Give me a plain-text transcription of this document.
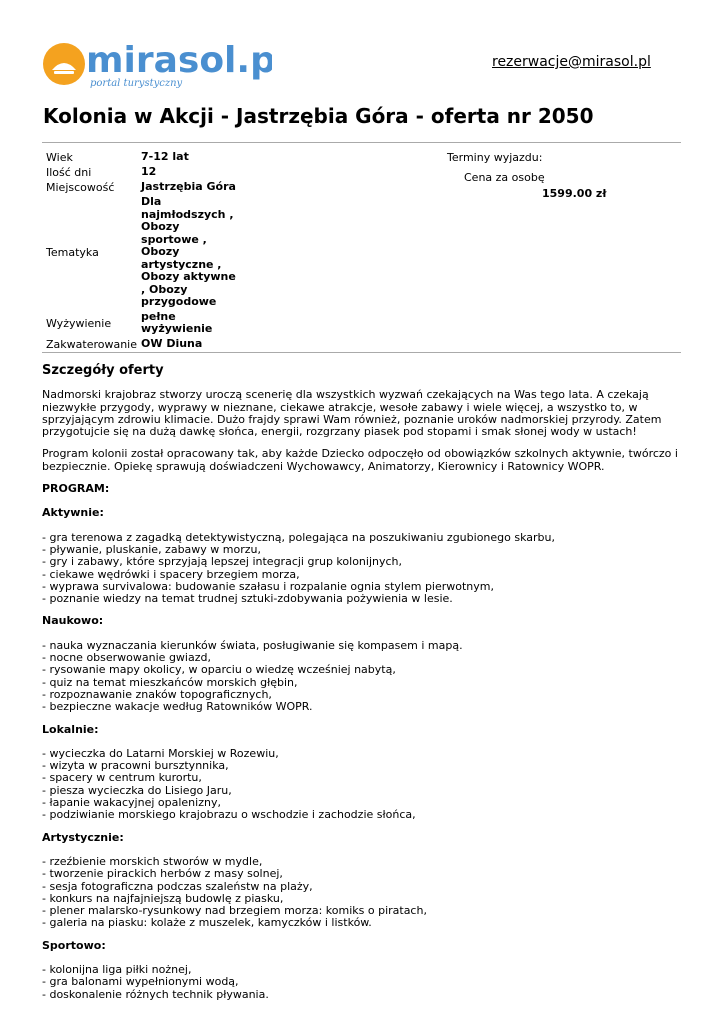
mirasol.pl
portal turystyczny
rezerwacje@mirasol.pl
Kolonia w Akcji - Jastrzębia Góra - oferta nr 2050
Wiek	7-12 lat
Ilość dni	12
Miejscowość	Jastrzębia Góra
Tematyka	Dla najmłodszych , Obozy sportowe , Obozy artystyczne , Obozy aktywne , Obozy przygodowe
Wyżywienie	pełne wyżywienie
Zakwaterowanie	OW Diuna
Terminy wyjazdu:
Cena za osobę
1599.00 zł
Szczegóły oferty

Nadmorski krajobraz stworzy uroczą scenerię dla wszystkich wyzwań czekających na Was tego lata. A czekają niezwykłe przygody, wyprawy w nieznane, ciekawe atrakcje, wesołe zabawy i wiele więcej, a wszystko to, w sprzyjającym zdrowiu klimacie. Dużo frajdy sprawi Wam również, poznanie uroków nadmorskiej przyrody. Zatem przygotujcie się na dużą dawkę słońca, energii, rozgrzany piasek pod stopami i smak słonej wody w ustach!

Program kolonii został opracowany tak, aby każde Dziecko odpoczęło od obowiązków szkolnych aktywnie, twórczo i bezpiecznie. Opiekę sprawują doświadczeni Wychowawcy, Animatorzy, Kierownicy i Ratownicy WOPR.

PROGRAM:

Aktywnie:

- gra terenowa z zagadką detektywistyczną, polegająca na poszukiwaniu zgubionego skarbu,
- pływanie, pluskanie, zabawy w morzu,
- gry i zabawy, które sprzyjają lepszej integracji grup kolonijnych,
- ciekawe wędrówki i spacery brzegiem morza,
- wyprawa survivalowa: budowanie szałasu i rozpalanie ognia stylem pierwotnym,
- poznanie wiedzy na temat trudnej sztuki-zdobywania pożywienia w lesie.

Naukowo:

- nauka wyznaczania kierunków świata, posługiwanie się kompasem i mapą.
- nocne obserwowanie gwiazd,
- rysowanie mapy okolicy, w oparciu o wiedzę wcześniej nabytą,
- quiz na temat mieszkańców morskich głębin,
- rozpoznawanie znaków topograficznych,
- bezpieczne wakacje według Ratowników WOPR.

Lokalnie:

- wycieczka do Latarni Morskiej w Rozewiu,
- wizyta w pracowni bursztynnika,
- spacery w centrum kurortu,
- piesza wycieczka do Lisiego Jaru,
- łapanie wakacyjnej opalenizny,
- podziwianie morskiego krajobrazu o wschodzie i zachodzie słońca,

Artystycznie:

- rzeźbienie morskich stworów w mydle,
- tworzenie pirackich herbów z masy solnej,
- sesja fotograficzna podczas szaleństw na plaży,
- konkurs na najfajniejszą budowlę z piasku,
- plener malarsko-rysunkowy nad brzegiem morza: komiks o piratach,
- galeria na piasku: kolaże z muszelek, kamyczków i listków.

Sportowo:

- kolonijna liga piłki nożnej,
- gra balonami wypełnionymi wodą,
- doskonalenie różnych technik pływania.
